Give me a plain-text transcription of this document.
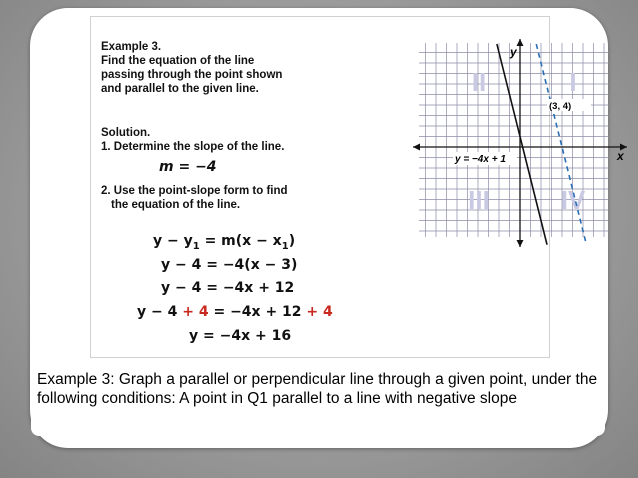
Example 3.
Find the equation of the line
passing through the point shown
and parallel to the given line.
Solution.
1. Determine the slope of the line.
m = −4
2. Use the point-slope form to find
the equation of the line.
$y - y_1 = m(x - x_1)$
y − 4 = −4(x − 3)
y − 4 = −4x + 12
y − 4 + 4 = −4x + 12 + 4
y = −4x + 16
II	I
III	IV
(3, 4)
y = −4x + 1
y
x
Example 3: Graph a parallel or perpendicular line through a given point, under the following conditions: A point in Q1 parallel to a line with negative slope
